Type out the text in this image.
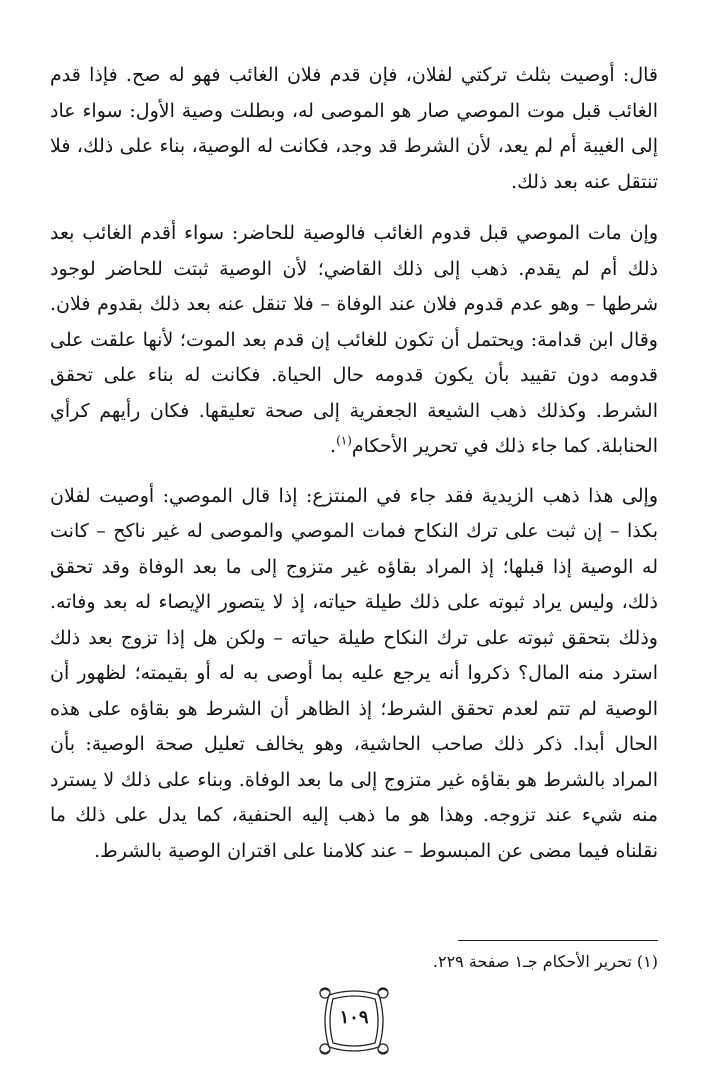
قال: أوصيت بثلث تركتي لفلان، فإن قدم فلان الغائب فهو له صح. فإذا قدم الغائب قبل موت الموصي صار هو الموصى له، وبطلت وصية الأول: سواء عاد إلى الغيبة أم لم يعد، لأن الشرط قد وجد، فكانت له الوصية، بناء على ذلك، فلا تنتقل عنه بعد ذلك.

وإن مات الموصي قبل قدوم الغائب فالوصية للحاضر: سواء أقدم الغائب بعد ذلك أم لم يقدم. ذهب إلى ذلك القاضي؛ لأن الوصية ثبتت للحاضر لوجود شرطها – وهو عدم قدوم فلان عند الوفاة – فلا تنقل عنه بعد ذلك بقدوم فلان. وقال ابن قدامة: ويحتمل أن تكون للغائب إن قدم بعد الموت؛ لأنها علقت على قدومه دون تقييد بأن يكون قدومه حال الحياة. فكانت له بناء على تحقق الشرط. وكذلك ذهب الشيعة الجعفرية إلى صحة تعليقها. فكان رأيهم كرأي الحنابلة. كما جاء ذلك في تحرير الأحكام$^{(١)}$.

وإلى هذا ذهب الزيدية فقد جاء في المنتزع: إذا قال الموصي: أوصيت لفلان بكذا – إن ثبت على ترك النكاح فمات الموصي والموصى له غير ناكح – كانت له الوصية إذا قبلها؛ إذ المراد بقاؤه غير متزوج إلى ما بعد الوفاة وقد تحقق ذلك، وليس يراد ثبوته على ذلك طيلة حياته، إذ لا يتصور الإيصاء له بعد وفاته. وذلك بتحقق ثبوته على ترك النكاح طيلة حياته – ولكن هل إذا تزوج بعد ذلك استرد منه المال؟ ذكروا أنه يرجع عليه بما أوصى به له أو بقيمته؛ لظهور أن الوصية لم تتم لعدم تحقق الشرط؛ إذ الظاهر أن الشرط هو بقاؤه على هذه الحال أبدا. ذكر ذلك صاحب الحاشية، وهو يخالف تعليل صحة الوصية: بأن المراد بالشرط هو بقاؤه غير متزوج إلى ما بعد الوفاة. وبناء على ذلك لا يسترد منه شيء عند تزوجه. وهذا هو ما ذهب إليه الحنفية، كما يدل على ذلك ما نقلناه فيما مضى عن المبسوط – عند كلامنا على اقتران الوصية بالشرط.

(١) تحرير الأحكام جـ١ صفحة ٢٢٩.
١٠٩
